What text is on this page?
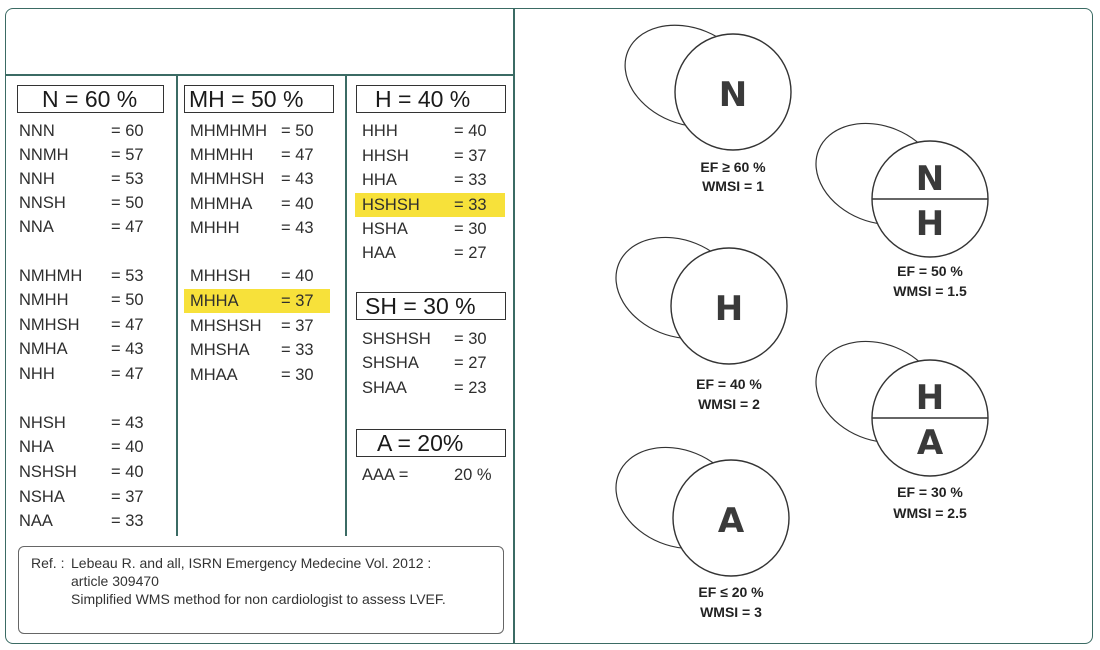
N = 60 %
NNN	= 60
NNMH	= 57
NNH	= 53
NNSH	= 50
NNA	= 47
NMHMH = 53
NMHH	= 50
NMHSH = 47
NMHA	= 43
NHH	= 47
NHSH	= 43
NHA	= 40
NSHSH = 40
NSHA	= 37
NAA	= 33
MH = 50 %
MHMHMH = 50
MHMHH = 47
MHMHSH = 43
MHMHA = 40
MHHH	= 43
MHHSH = 40
MHHA	= 37
MHSHSH = 37
MHSHA = 33
MHAA	= 30
H = 40 %
HHH	= 40
HHSH	= 37
HHA	= 33
HSHSH = 33
HSHA	= 30
HAA	= 27
SH = 30 %
SHSHSH = 30
SHSHA = 27
SHAA	= 23
A = 20%
AAA =	20 %
Ref. : Lebeau R. and all, ISRN Emergency Medecine Vol. 2012 :
article 309470
Simplified WMS method for non cardiologist to assess LVEF.
N
EF ≥ 60 %
WMSI = 1	N
H
EF = 50 %
WMSI = 1.5
H
EF = 40 %
WMSI = 2	H
A
EF = 30 %
WMSI = 2.5
A
EF ≤ 20 %
WMSI = 3
